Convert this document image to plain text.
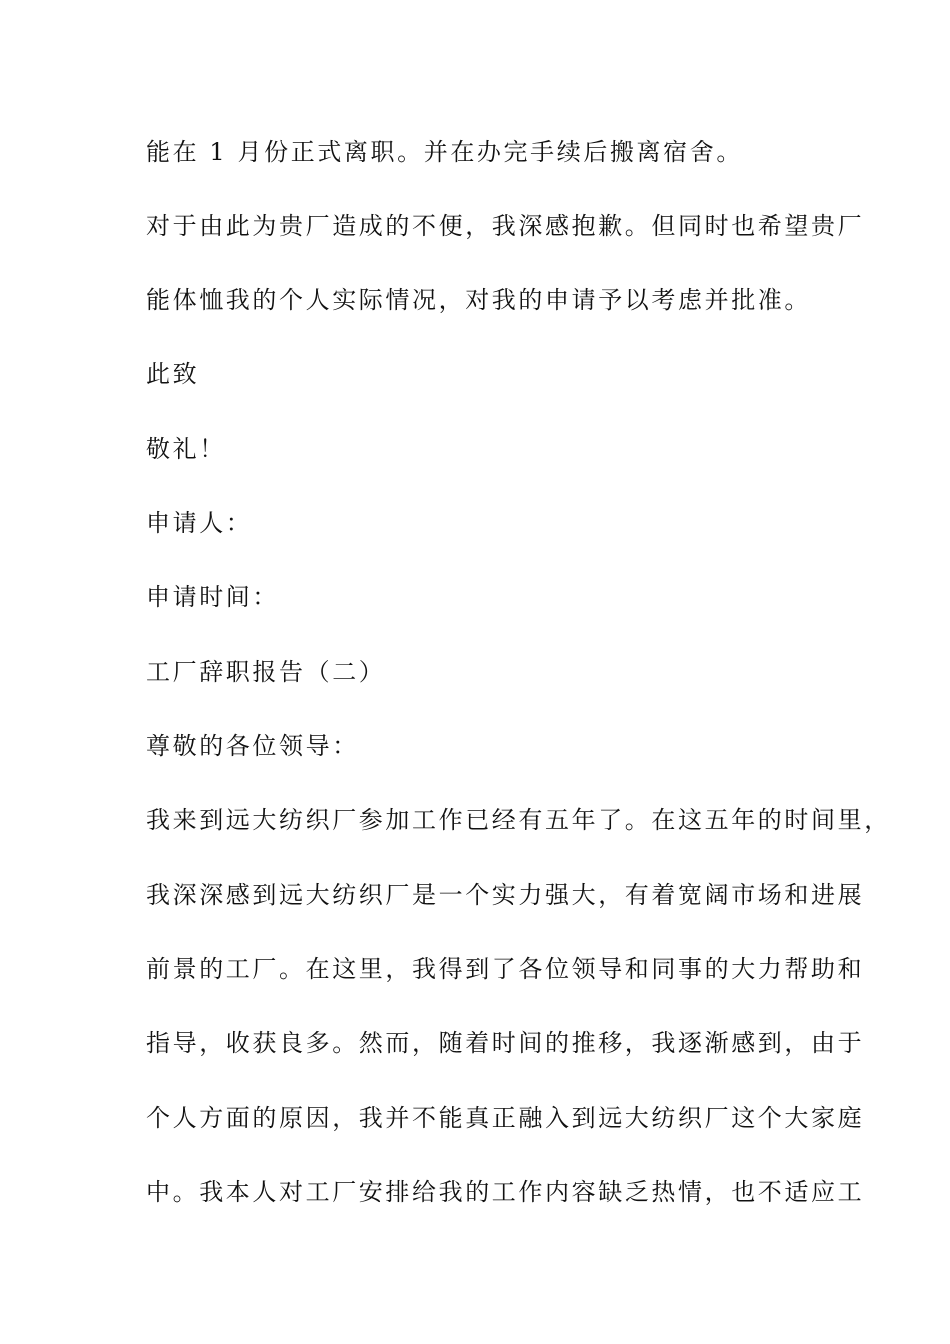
能在 1 月份正式离职。并在办完手续后搬离宿舍。
对于由此为贵厂造成的不便，我深感抱歉。但同时也希望贵厂
能体恤我的个人实际情况，对我的申请予以考虑并批准。
此致
敬礼！
申请人：
申请时间：
工厂辞职报告（二）
尊敬的各位领导：
我来到远大纺织厂参加工作已经有五年了。在这五年的时间里，
我深深感到远大纺织厂是一个实力强大，有着宽阔市场和进展
前景的工厂。在这里，我得到了各位领导和同事的大力帮助和
指导，收获良多。然而，随着时间的推移，我逐渐感到，由于
个人方面的原因，我并不能真正融入到远大纺织厂这个大家庭
中。我本人对工厂安排给我的工作内容缺乏热情，也不适应工
